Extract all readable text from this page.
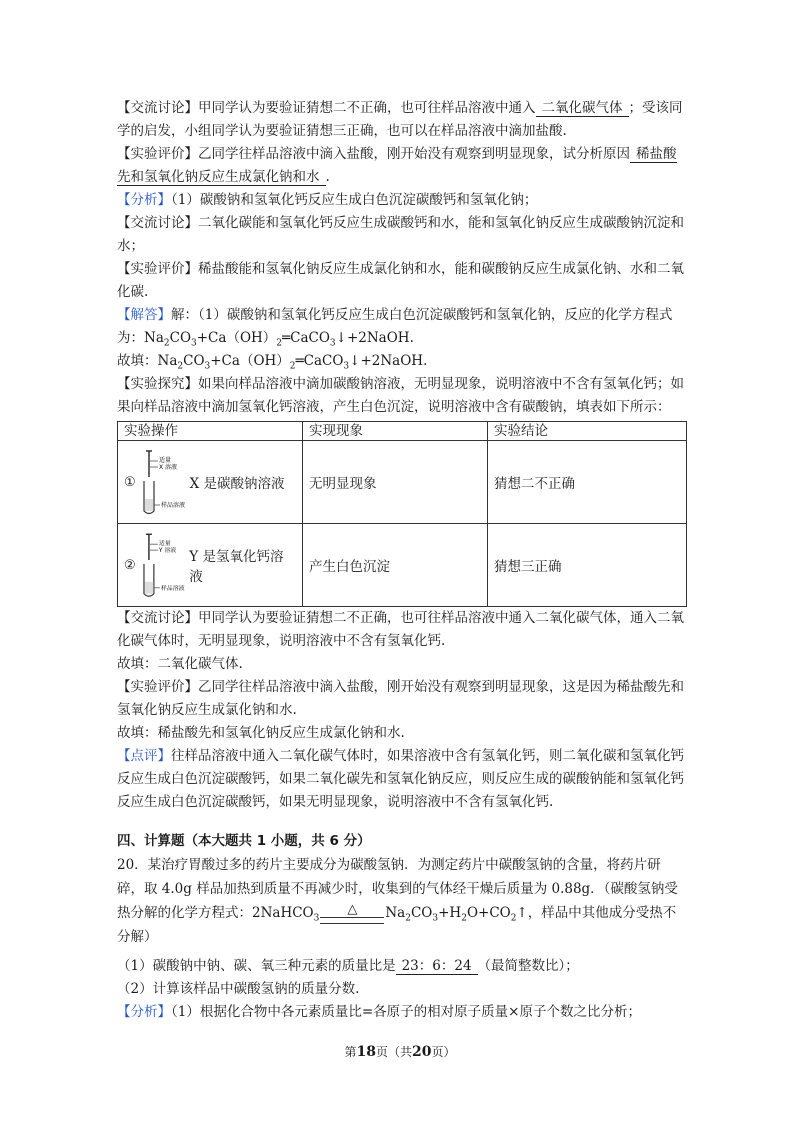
【交流讨论】甲同学认为要验证猜想二不正确，也可往样品溶液中通入 二氧化碳气体 ；受该同学的启发，小组同学认为要验证猜想三正确，也可以在样品溶液中滴加盐酸.

【实验评价】乙同学往样品溶液中滴入盐酸，刚开始没有观察到明显现象，试分析原因 稀盐酸先和氢氧化钠反应生成氯化钠和水 .

【分析】（1）碳酸钠和氢氧化钙反应生成白色沉淀碳酸钙和氢氧化钠；

【交流讨论】二氧化碳能和氢氧化钙反应生成碳酸钙和水，能和氢氧化钠反应生成碳酸钠沉淀和水；

【实验评价】稀盐酸能和氢氧化钠反应生成氯化钠和水，能和碳酸钠反应生成氯化钠、水和二氧化碳.

【解答】解：（1）碳酸钠和氢氧化钙反应生成白色沉淀碳酸钙和氢氧化钠，反应的化学方程式为：$Na_2CO_3+Ca(OH)_2═CaCO_3↓+2NaOH$.

故填：$Na_2CO_3+Ca(OH)_2═CaCO_3↓+2NaOH$.

【实验探究】如果向样品溶液中滴加碳酸钠溶液，无明显现象，说明溶液中不含有氢氧化钙；如果向样品溶液中滴加氢氧化钙溶液，产生白色沉淀，说明溶液中含有碳酸钠，填表如下所示：

实验操作	实现现象	实验结论

①
适量
X 溶液
样品溶液
X 是碳酸钠溶液	无明显现象	猜想二不正确

②
适量
Y 溶液
样品溶液
Y 是氢氧化钙溶液	产生白色沉淀	猜想三正确

【交流讨论】甲同学认为要验证猜想二不正确，也可往样品溶液中通入二氧化碳气体，通入二氧化碳气体时，无明显现象，说明溶液中不含有氢氧化钙.

故填：二氧化碳气体.

【实验评价】乙同学往样品溶液中滴入盐酸，刚开始没有观察到明显现象，这是因为稀盐酸先和氢氧化钠反应生成氯化钠和水.

故填：稀盐酸先和氢氧化钠反应生成氯化钠和水.

【点评】往样品溶液中通入二氧化碳气体时，如果溶液中含有氢氧化钙，则二氧化碳和氢氧化钙反应生成白色沉淀碳酸钙，如果二氧化碳先和氢氧化钠反应，则反应生成的碳酸钠能和氢氧化钙反应生成白色沉淀碳酸钙，如果无明显现象，说明溶液中不含有氢氧化钙.

四、计算题（本大题共 1 小题，共 6 分）

20．某治疗胃酸过多的药片主要成分为碳酸氢钠．为测定药片中碳酸氢钠的含量，将药片研碎，取 4.0g 样品加热到质量不再减少时，收集到的气体经干燥后质量为 0.88g．（碳酸氢钠受热分解的化学方程式：2NaHCO$_3$
△ $Na_2CO_3+H_2O+CO_2↑$，样品中其他成分受热不分解）

（1）碳酸钠中钠、碳、氧三种元素的质量比是 23：6：24 （最简整数比）；

（2）计算该样品中碳酸氢钠的质量分数.

【分析】（1）根据化合物中各元素质量比=各原子的相对原子质量×原子个数之比分析；

第18页（共20页）
